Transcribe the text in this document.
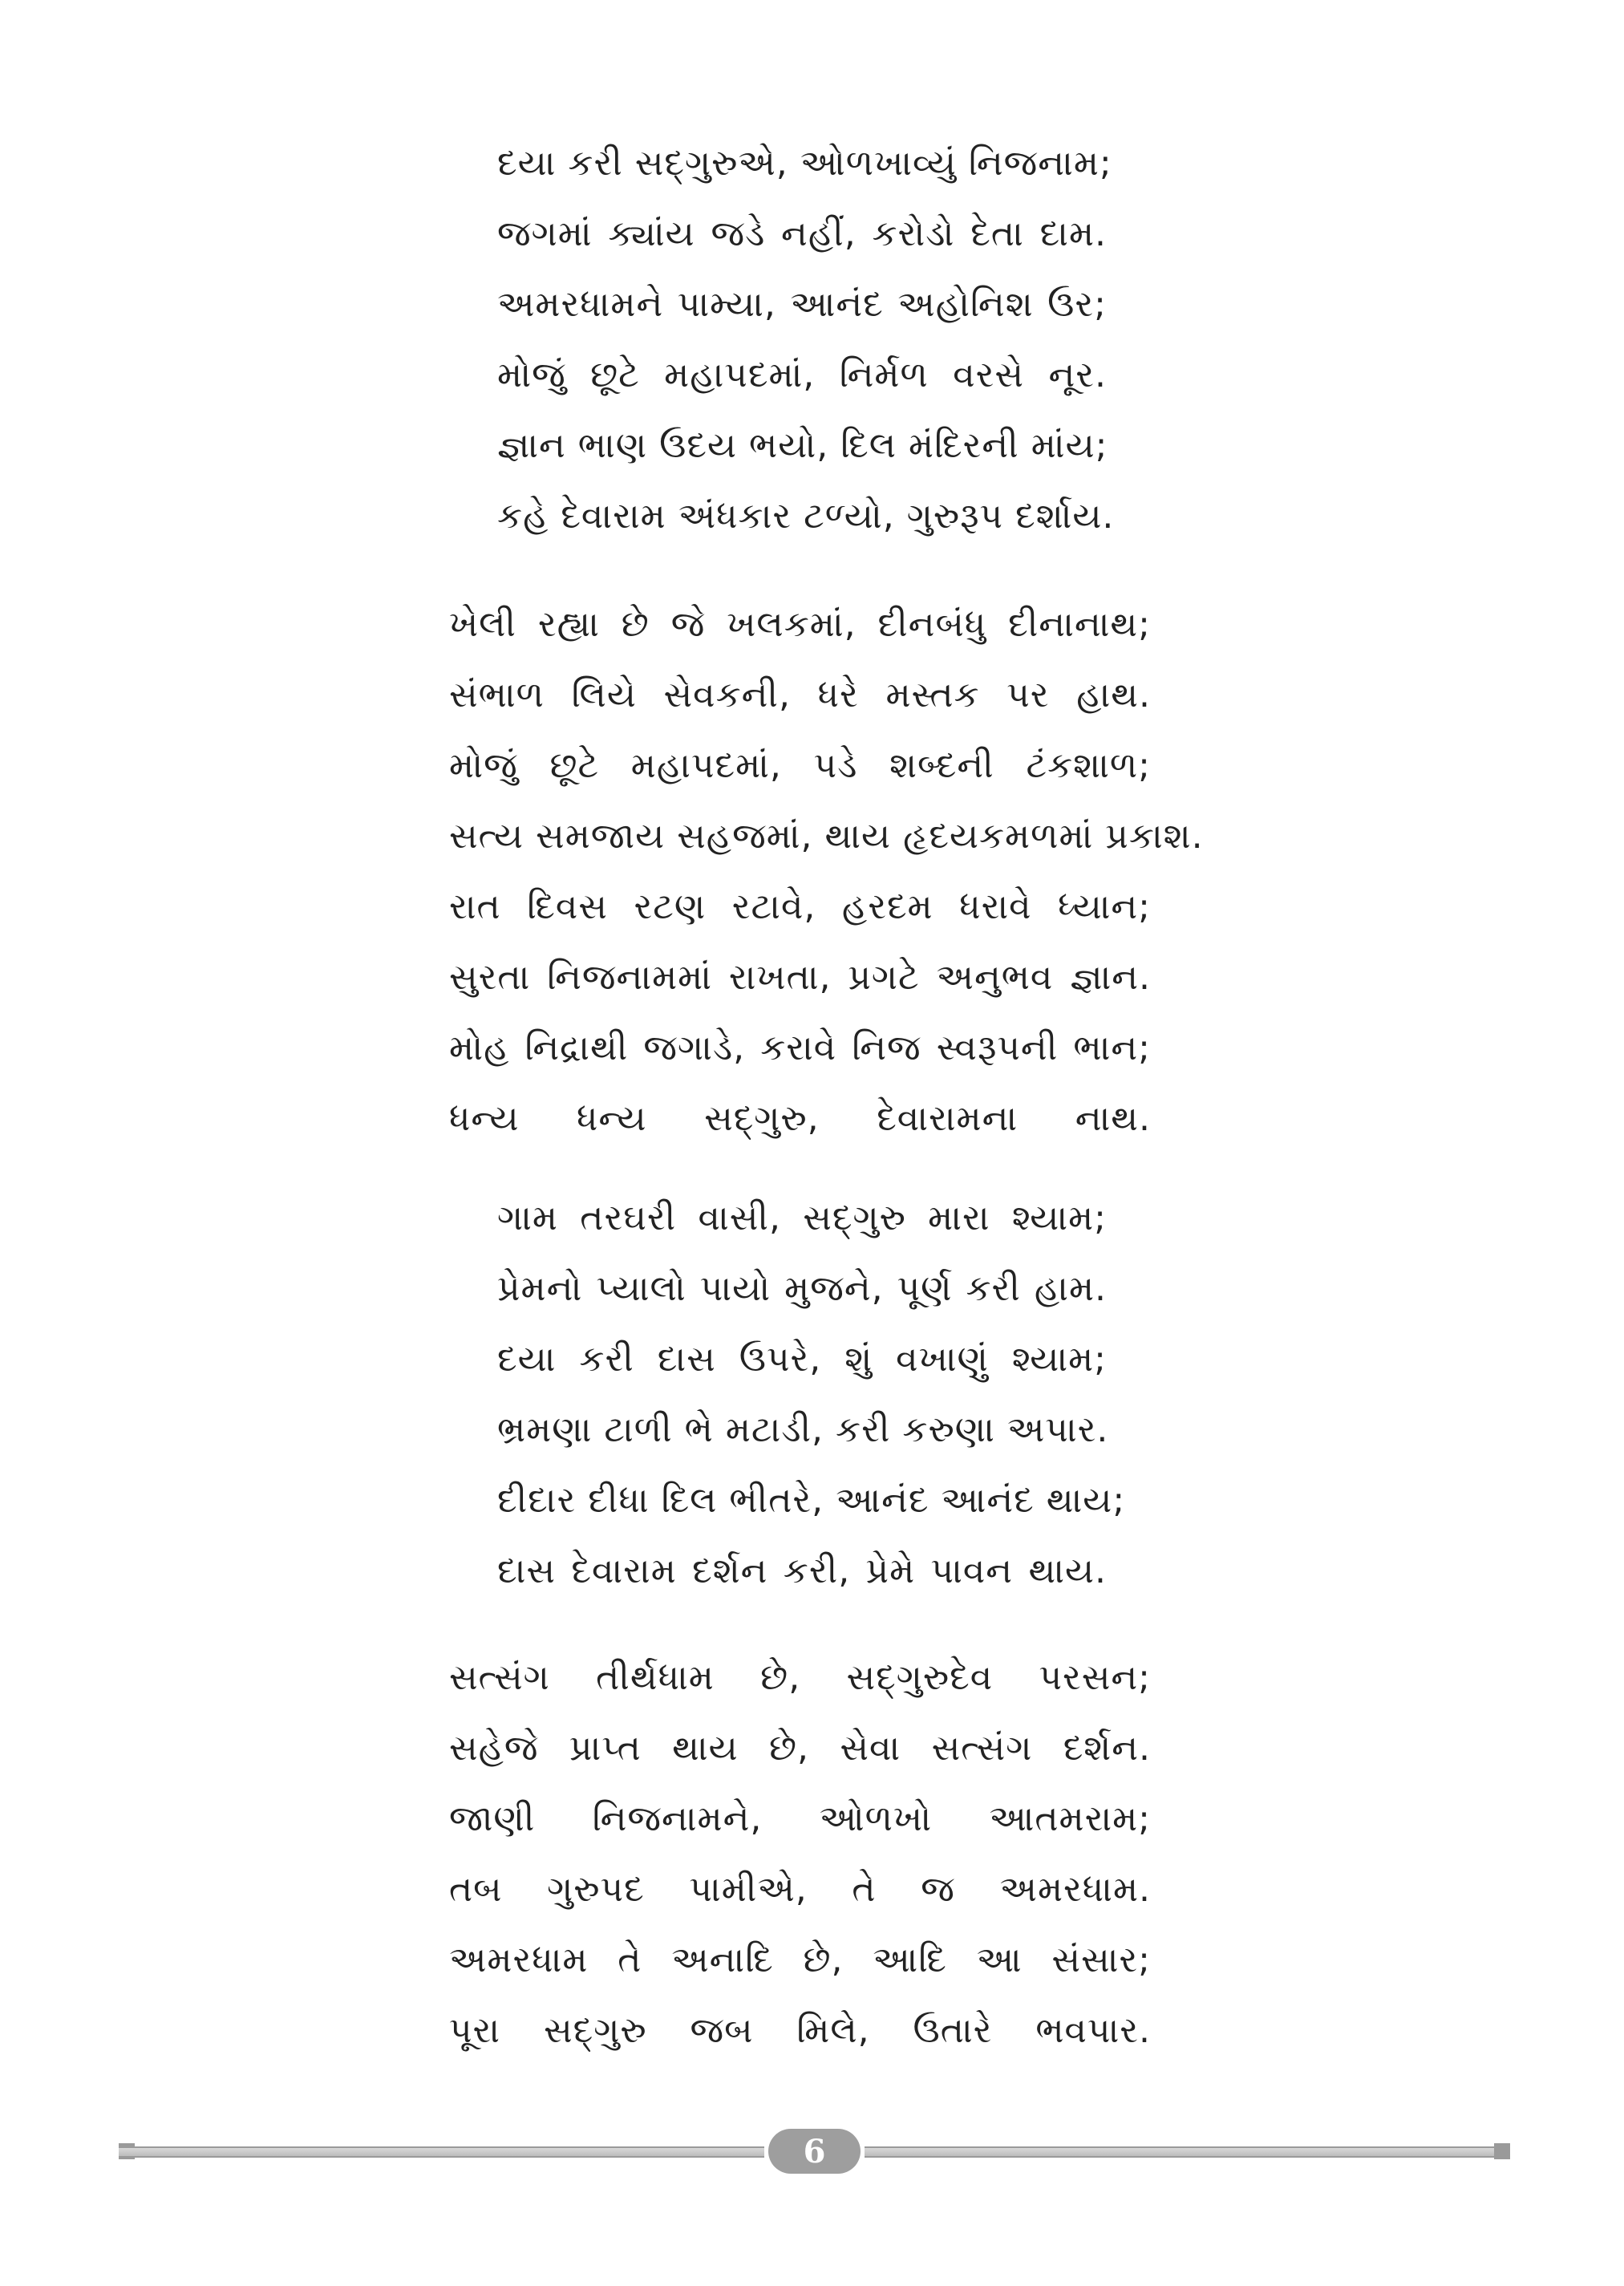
દયા કરી સદ્‌ગુરુએ, ઓળખાવ્યું નિજનામ;
જગમાં ક્યાંય જડે નહીં, કરોડો દેતા દામ.
અમરધામને પામ્યા, આનંદ અહોનિશ ઉર;
મોજું છૂટે મહાપદમાં, નિર્મળ વરસે નૂર.
જ્ઞાન ભાણ ઉદય ભયો, દિલ મંદિરની માંય;
કહે દેવારામ અંધકાર ટળ્યો, ગુરુરૂપ દર્શાય.
ખેલી રહ્યા છે જે ખલકમાં, દીનબંધુ દીનાનાથ;
સંભાળ લિયે સેવકની, ધરે મસ્તક પર હાથ.
મોજું છૂટે મહાપદમાં, પડે શબ્દની ટંકશાળ;
સત્ય સમજાય સહજમાં, થાય હૃદયકમળમાં પ્રકાશ.
રાત દિવસ રટણ રટાવે, હરદમ ધરાવે ધ્યાન;
સુરતા નિજનામમાં રાખતા, પ્રગટે અનુભવ જ્ઞાન.
મોહ નિદ્રાથી જગાડે, કરાવે નિજ સ્વરૂપની ભાન;
ધન્ય ધન્ય સદ્‌ગુરુ, દેવારામના નાથ.
ગામ તરઘરી વાસી, સદ્‌ગુરુ મારા શ્યામ;
પ્રેમનો પ્યાલો પાયો મુજને, પૂર્ણ કરી હામ.
દયા કરી દાસ ઉપરે, શું વખાણું શ્યામ;
ભ્રમણા ટાળી ભે મટાડી, કરી કરુણા અપાર.
દીદાર દીધા દિલ ભીતરે, આનંદ આનંદ થાય;
દાસ દેવારામ દર્શન કરી, પ્રેમે પાવન થાય.
સત્સંગ તીર્થધામ છે, સદ્‌ગુરુદેવ પરસન;
સહેજે પ્રાપ્ત થાય છે, સેવા સત્સંગ દર્શન.
જાણી નિજનામને, ઓળખો આતમરામ;
તબ ગુરુપદ પામીએ, તે જ અમરધામ.
અમરધામ તે અનાદિ છે, આદિ આ સંસાર;
પૂરા સદ્‌ગુરુ જબ મિલે, ઉતારે ભવપાર.
6
